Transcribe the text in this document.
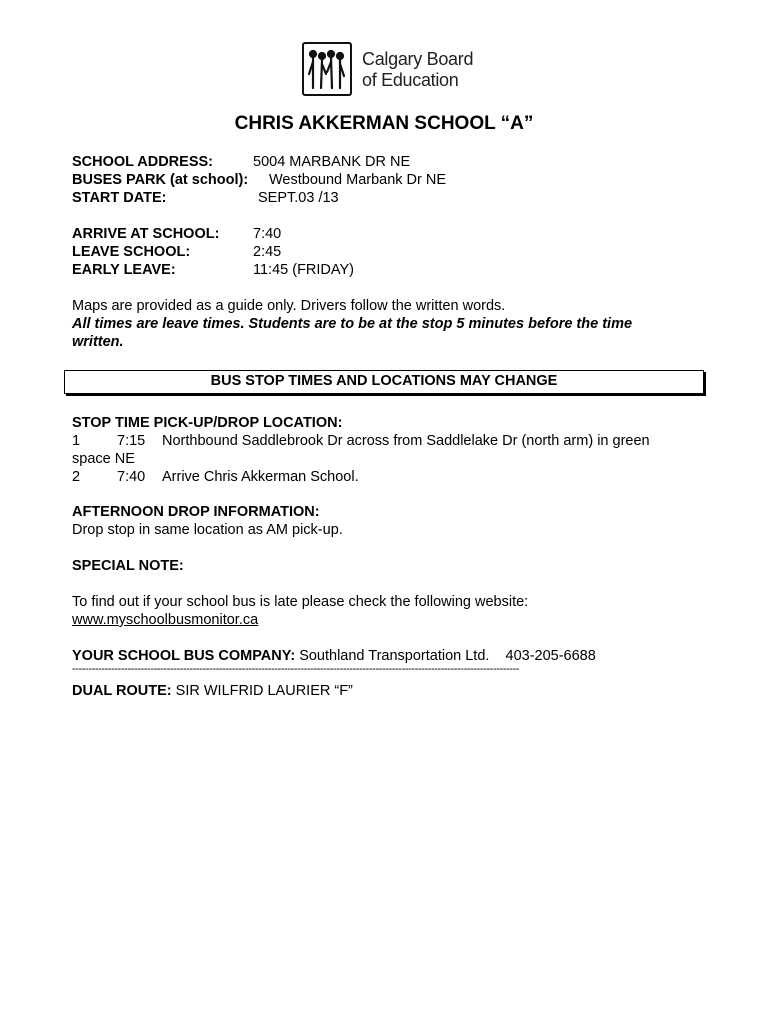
Calgary Board
of Education
CHRIS AKKERMAN SCHOOL “A”
SCHOOL ADDRESS:	5004 MARBANK DR NE
BUSES PARK (at school): Westbound Marbank Dr NE
START DATE:	SEPT.03 /13
ARRIVE AT SCHOOL: 7:40
LEAVE SCHOOL:	2:45
EARLY LEAVE:	11:45 (FRIDAY)
Maps are provided as a guide only. Drivers follow the written words.
All times are leave times. Students are to be at the stop 5 minutes before the time written.
BUS STOP TIMES AND LOCATIONS MAY CHANGE
STOP TIME PICK-UP/DROP LOCATION:
1	7:15 Northbound Saddlebrook Dr across from Saddlelake Dr (north arm) in green
space NE
2	7:40 Arrive Chris Akkerman School.
AFTERNOON DROP INFORMATION:
Drop stop in same location as AM pick-up.
SPECIAL NOTE:
To find out if your school bus is late please check the following website:
www.myschoolbusmonitor.ca
YOUR SCHOOL BUS COMPANY: Southland Transportation Ltd. 403-205-6688
-----------------------------------------------------------------------------------------------------------------------------------------
DUAL ROUTE: SIR WILFRID LAURIER “F”
